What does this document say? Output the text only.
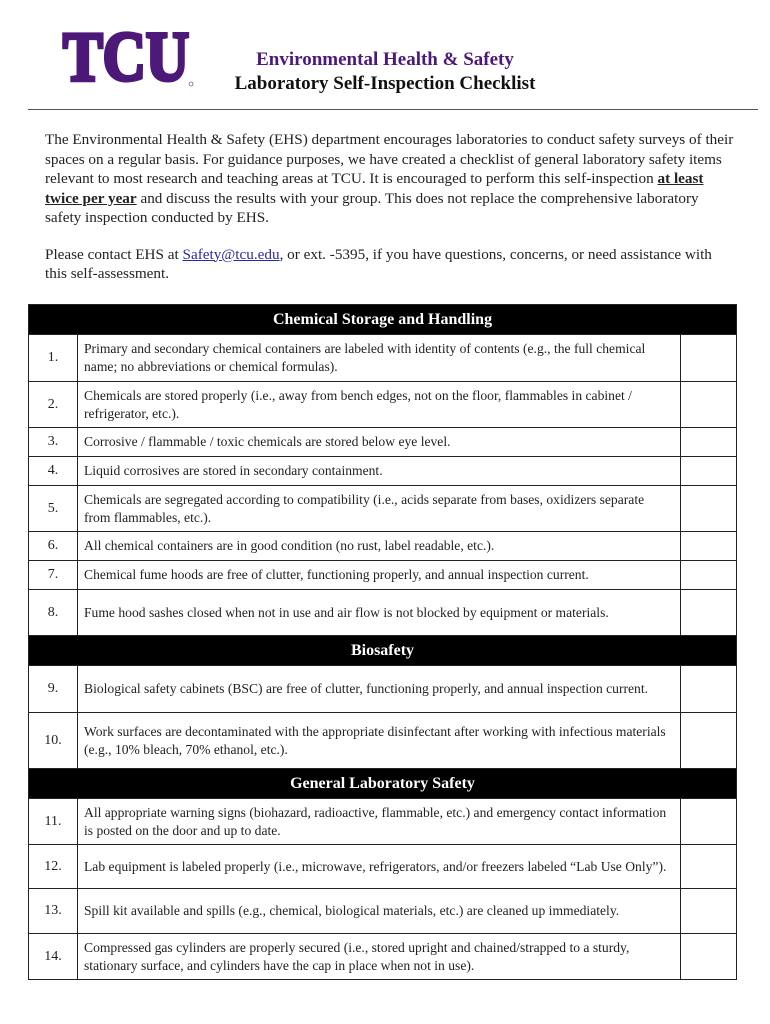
TCU	Environmental Health & Safety
Laboratory Self-Inspection Checklist

The Environmental Health & Safety (EHS) department encourages laboratories to conduct safety surveys of their spaces on a regular basis. For guidance purposes, we have created a checklist of general laboratory safety items relevant to most research and teaching areas at TCU. It is encouraged to perform this self-inspection at least twice per year and discuss the results with your group. This does not replace the comprehensive laboratory safety inspection conducted by EHS.

Please contact EHS at Safety@tcu.edu, or ext. -5395, if you have questions, concerns, or need assistance with this self-assessment.

Chemical Storage and Handling		
1.	Primary and secondary chemical containers are labeled with identity of contents (e.g., the full chemical name; no abbreviations or chemical formulas).	
2.	Chemicals are stored properly (i.e., away from bench edges, not on the floor, flammables in cabinet / refrigerator, etc.).	
3.	Corrosive / flammable / toxic chemicals are stored below eye level.	
4.	Liquid corrosives are stored in secondary containment.	
5.	Chemicals are segregated according to compatibility (i.e., acids separate from bases, oxidizers separate from flammables, etc.).	
6.	All chemical containers are in good condition (no rust, label readable, etc.).	
7.	Chemical fume hoods are free of clutter, functioning properly, and annual inspection current.	
8.	Fume hood sashes closed when not in use and air flow is not blocked by equipment or materials.	
Biosafety		
9.	Biological safety cabinets (BSC) are free of clutter, functioning properly, and annual inspection current.	
10.	Work surfaces are decontaminated with the appropriate disinfectant after working with infectious materials (e.g., 10% bleach, 70% ethanol, etc.).	
General Laboratory Safety		
11.	All appropriate warning signs (biohazard, radioactive, flammable, etc.) and emergency contact information is posted on the door and up to date.	
12.	Lab equipment is labeled properly (i.e., microwave, refrigerators, and/or freezers labeled “Lab Use Only”).	
13.	Spill kit available and spills (e.g., chemical, biological materials, etc.) are cleaned up immediately.	
14.	Compressed gas cylinders are properly secured (i.e., stored upright and chained/strapped to a sturdy, stationary surface, and cylinders have the cap in place when not in use).	
